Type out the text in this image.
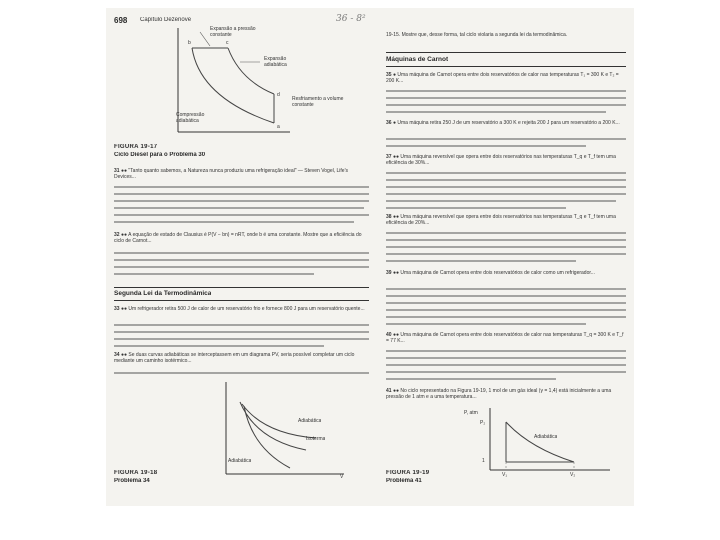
698 Capítulo Dezenove	36 - 8²
19-15. Mostre que, desse forma, tal ciclo violaria a segunda lei da termodinâmica.
Expansão a pressão constante
Expansão adiabática
Resfriamento a volume constante
Compressão adiabática
b	c
d
a
FIGURA 19-17
Ciclo Diesel para o Problema 30
31 ●● "Tanto quanto sabemos, a Natureza nunca produziu uma refrigeração ideal" — Steven Vogel, Life's Devices...
32 ●● A equação de estado de Clausius é P(V − bn) = nRT, onde b é uma constante. Mostre que a eficiência do ciclo de Carnot...
Segunda Lei da Termodinâmica
33 ●● Um refrigerador retira 500 J de calor de um reservatório frio e fornece 800 J para um reservatório quente...
34 ●● Se duas curvas adiabáticas se interceptassem em um diagrama PV, seria possível completar um ciclo mediante um caminho isotérmico...
Adiabática
Isoterma
Adiabática
V
FIGURA 19-18
Problema 34
Máquinas de Carnot
35 ● Uma máquina de Carnot opera entre dois reservatórios de calor nas temperaturas T₁ = 300 K e T₂ = 200 K...
36 ● Uma máquina retira 250 J de um reservatório a 300 K e rejeita 200 J para um reservatório a 200 K...
37 ●● Uma máquina reversível que opera entre dois reservatórios nas temperaturas T_q e T_f tem uma eficiência de 30%...
38 ●● Uma máquina reversível que opera entre dois reservatórios nas temperaturas T_q e T_f tem uma eficiência de 20%...
39 ●● Uma máquina de Carnot opera entre dois reservatórios de calor como um refrigerador...
40 ●● Uma máquina de Carnot opera entre dois reservatórios de calor nas temperaturas T_q = 300 K e T_f = 77 K...
41 ●● No ciclo representado na Figura 19-19, 1 mol de um gás ideal (γ = 1,4) está inicialmente a uma pressão de 1 atm e a uma temperatura...
P, atm
P₂
1
Adiabática
V₁	V₂
FIGURA 19-19
Problema 41
